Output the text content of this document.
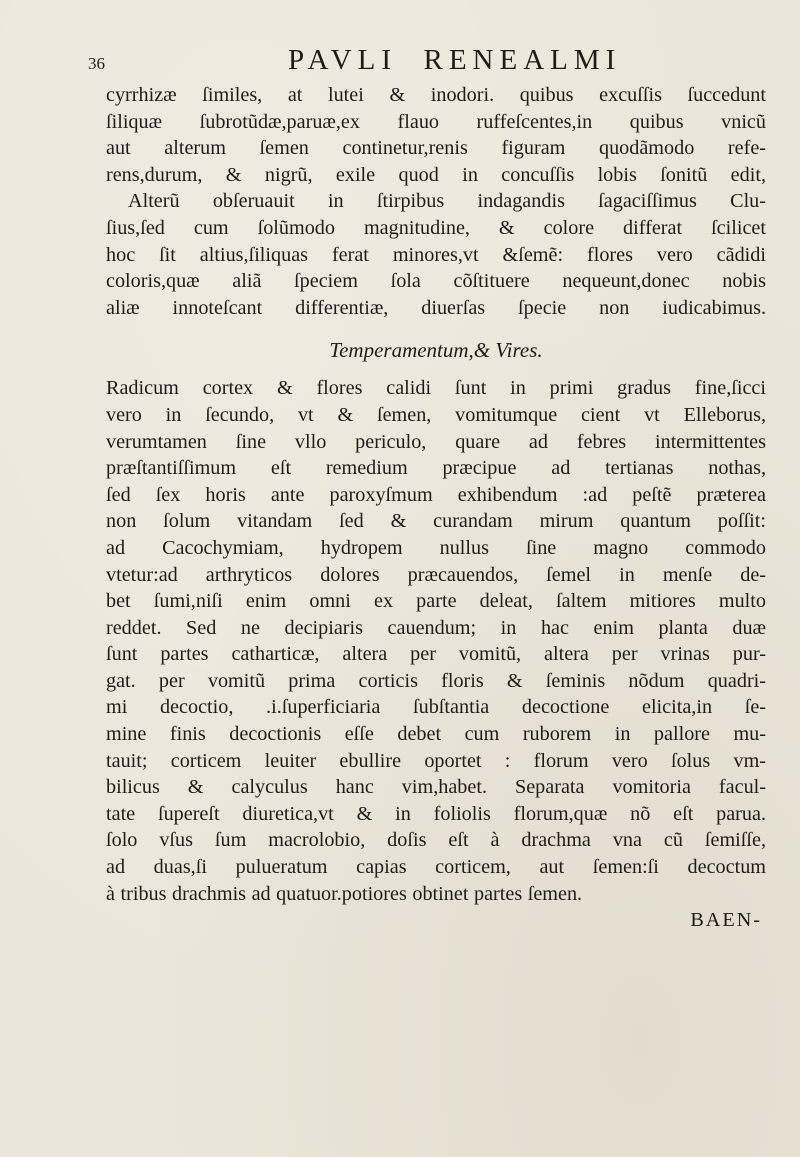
36	PAVLI  RENEALMI
cyrrhizæ ſimiles, at lutei & inodori. quibus excuſſis ſuccedunt
ſiliquæ ſubrotũdæ,paruæ,ex flauo ruffeſcentes,in quibus vnicũ
aut alterum ſemen continetur,renis figuram quodãmodo refe-
rens,durum, & nigrũ, exile quod in concuſſis lobis ſonitũ edit,
Alterũ obſeruauit in ſtirpibus indagandis ſagaciſſimus Clu-
ſius,ſed cum ſolũmodo magnitudine, & colore differat ſcilicet
hoc ſit altius,ſiliquas ferat minores,vt &ſemẽ: flores vero cãdidi
coloris,quæ aliã ſpeciem ſola cõſtituere nequeunt,donec nobis
aliæ innoteſcant differentiæ, diuerſas ſpecie non iudicabimus.
Temperamentum,& Vires.
Radicum cortex & flores calidi ſunt in primi gradus fine,ſicci
vero in ſecundo, vt & ſemen, vomitumque cient vt Elleborus,
verumtamen ſine vllo periculo, quare ad febres intermittentes
præſtantiſſimum eſt remedium præcipue ad tertianas nothas,
ſed ſex horis ante paroxyſmum exhibendum :ad peſtẽ præterea
non ſolum vitandam ſed & curandam mirum quantum poſſit:
ad Cacochymiam, hydropem nullus ſine magno commodo
vtetur:ad arthryticos dolores præcauendos, ſemel in menſe de-
bet ſumi,niſi enim omni ex parte deleat, ſaltem mitiores multo
reddet. Sed ne decipiaris cauendum; in hac enim planta duæ
ſunt partes catharticæ, altera per vomitũ, altera per vrinas pur-
gat. per vomitũ prima corticis floris & ſeminis nõdum quadri-
mi decoctio, .i.ſuperficiaria ſubſtantia decoctione elicita,in ſe-
mine finis decoctionis eſſe debet cum ruborem in pallore mu-
tauit; corticem leuiter ebullire oportet : florum vero ſolus vm-
bilicus & calyculus hanc vim,habet. Separata vomitoria facul-
tate ſupereſt diuretica,vt & in foliolis florum,quæ nõ eſt parua.
ſolo vſus ſum macrolobio, doſis eſt à drachma vna cũ ſemiſſe,
ad duas,ſi pulueratum capias corticem, aut ſemen:ſi decoctum
à tribus drachmis ad quatuor.potiores obtinet partes ſemen.
BAEN-
